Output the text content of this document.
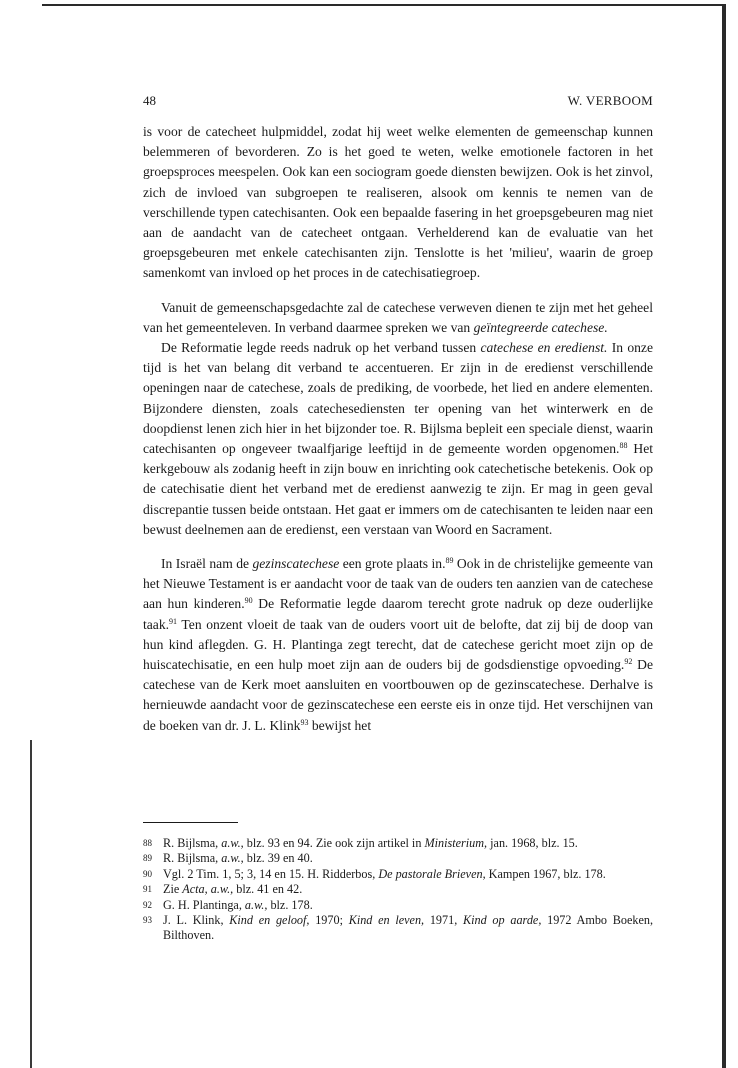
48	W. VERBOOM

is voor de catecheet hulpmiddel, zodat hij weet welke elementen de gemeenschap kunnen belemmeren of bevorderen. Zo is het goed te weten, welke emotionele factoren in het groepsproces meespelen. Ook kan een sociogram goede diensten bewijzen. Ook is het zinvol, zich de invloed van subgroepen te realiseren, alsook om kennis te nemen van de verschillende typen catechisanten. Ook een bepaalde fasering in het groepsgebeuren mag niet aan de aandacht van de catecheet ontgaan. Verhelderend kan de evaluatie van het groepsgebeuren met enkele catechisanten zijn. Tenslotte is het 'milieu', waarin de groep samenkomt van invloed op het proces in de catechisatiegroep.

Vanuit de gemeenschapsgedachte zal de catechese verweven dienen te zijn met het geheel van het gemeenteleven. In verband daarmee spreken we van geïntegreerde catechese.

De Reformatie legde reeds nadruk op het verband tussen catechese en eredienst. In onze tijd is het van belang dit verband te accentueren. Er zijn in de eredienst verschillende openingen naar de catechese, zoals de prediking, de voorbede, het lied en andere elementen. Bijzondere diensten, zoals catechesediensten ter opening van het winterwerk en de doopdienst lenen zich hier in het bijzonder toe. R. Bijlsma bepleit een speciale dienst, waarin catechisanten op ongeveer twaalfjarige leeftijd in de gemeente worden opgenomen.$^{88}$ Het kerkgebouw als zodanig heeft in zijn bouw en inrichting ook catechetische betekenis. Ook op de catechisatie dient het verband met de eredienst aanwezig te zijn. Er mag in geen geval discrepantie tussen beide ontstaan. Het gaat er immers om de catechisanten te leiden naar een bewust deelnemen aan de eredienst, een verstaan van Woord en Sacrament.

In Israël nam de gezinscatechese een grote plaats in.$^{89}$ Ook in de christelijke gemeente van het Nieuwe Testament is er aandacht voor de taak van de ouders ten aanzien van de catechese aan hun kinderen.$^{90}$ De Reformatie legde daarom terecht grote nadruk op deze ouderlijke taak.$^{91}$ Ten onzent vloeit de taak van de ouders voort uit de belofte, dat zij bij de doop van hun kind aflegden. G. H. Plantinga zegt terecht, dat de catechese gericht moet zijn op de huiscatechisatie, en een hulp moet zijn aan de ouders bij de godsdienstige opvoeding.$^{92}$ De catechese van de Kerk moet aansluiten en voortbouwen op de gezinscatechese. Derhalve is hernieuwde aandacht voor de gezinscatechese een eerste eis in onze tijd. Het verschijnen van de boeken van dr. J. L. Klink$^{93}$ bewijst het

88 R. Bijlsma, a.w., blz. 93 en 94. Zie ook zijn artikel in Ministerium, jan. 1968, blz. 15.

89 R. Bijlsma, a.w., blz. 39 en 40.

90 Vgl. 2 Tim. 1, 5; 3, 14 en 15. H. Ridderbos, De pastorale Brieven, Kampen 1967, blz. 178.

91 Zie Acta, a.w., blz. 41 en 42.

92 G. H. Plantinga, a.w., blz. 178.

93 J. L. Klink, Kind en geloof, 1970; Kind en leven, 1971, Kind op aarde, 1972 Ambo Boeken, Bilthoven.
